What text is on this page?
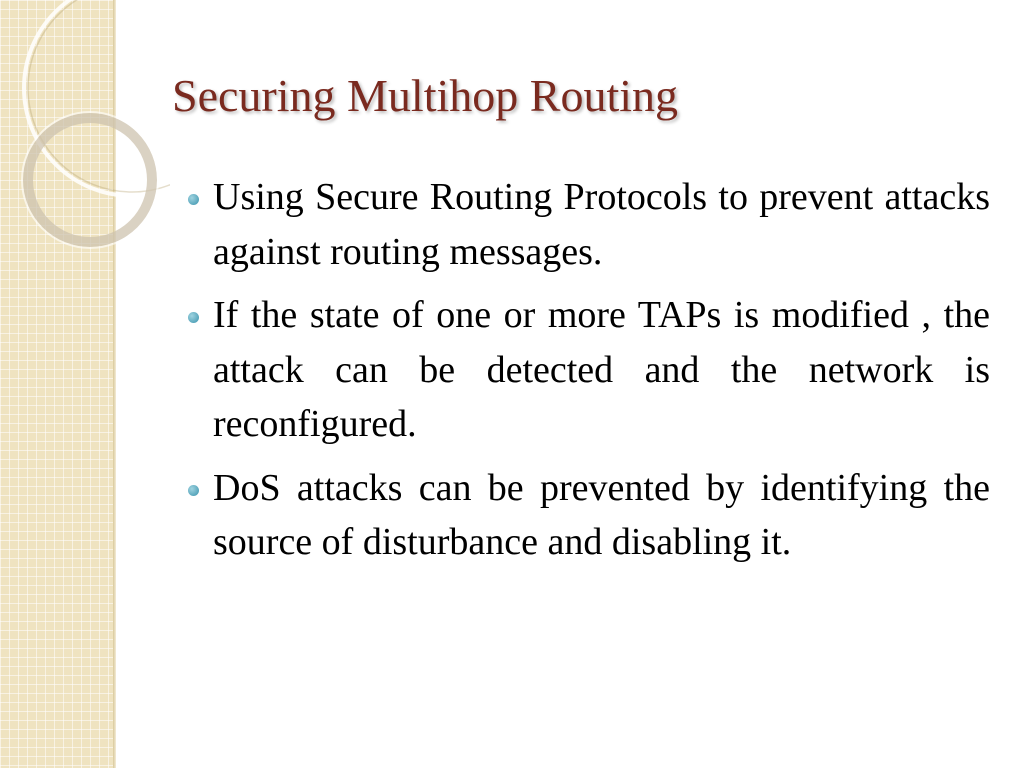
Securing Multihop Routing
Using Secure Routing Protocols to prevent attacks against routing messages.
If the state of one or more TAPs is modified , the attack can be detected and the network is reconfigured.
DoS attacks can be prevented by identifying the source of disturbance and disabling it.
